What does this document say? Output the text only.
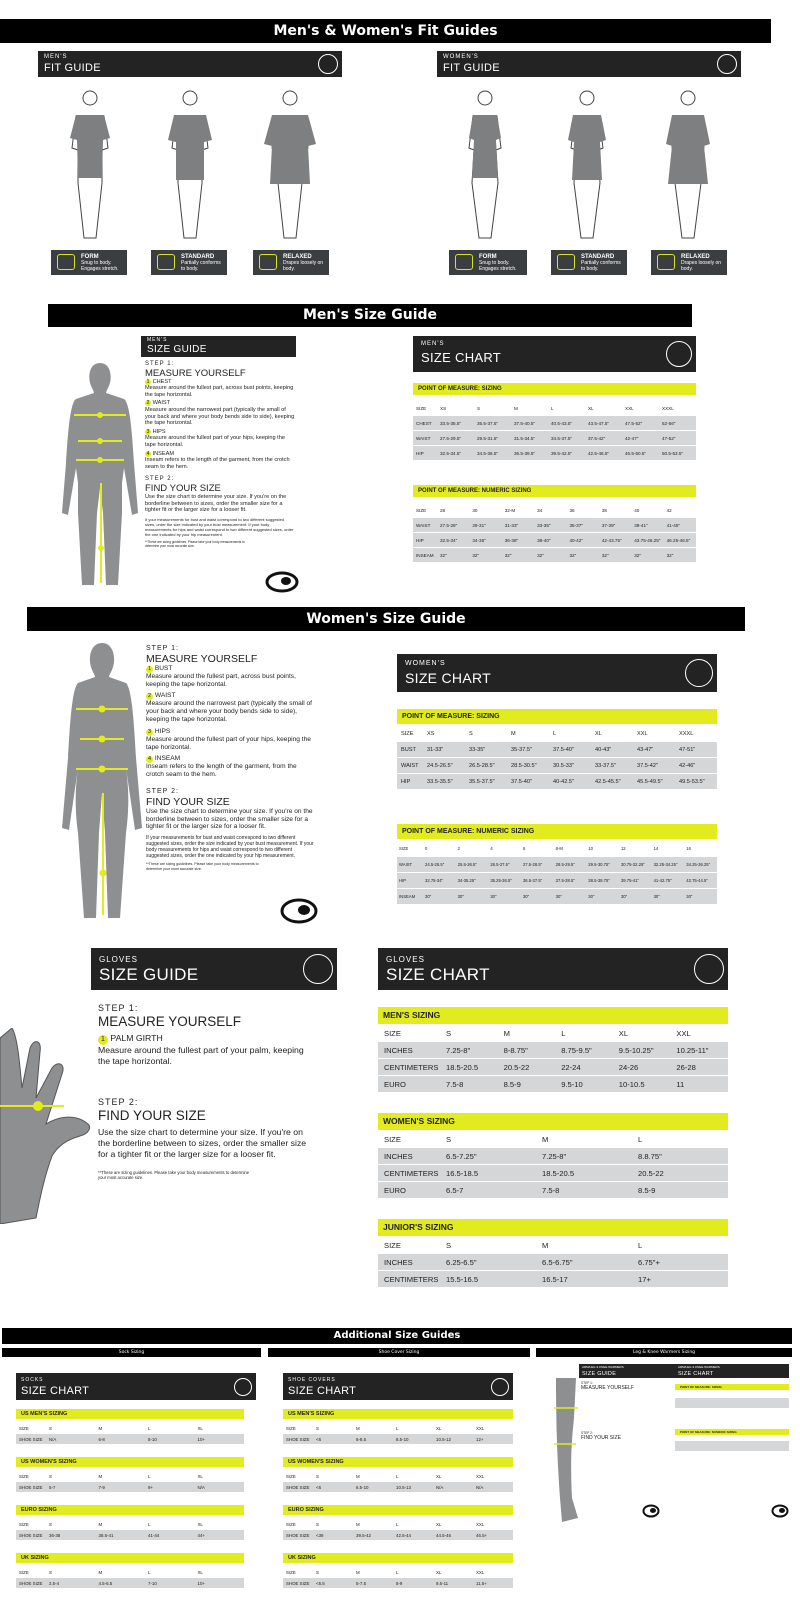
Men's & Women's Fit Guides
MEN'S
FIT GUIDE
WOMEN'S
FIT GUIDE
FORM
Snug to body. Engages stretch.
STANDARD
Partially conforms to body.
RELAXED
Drapes loosely on body.
FORM
Snug to body. Engages stretch.
STANDARD
Partially conforms to body.
RELAXED
Drapes loosely on body.
Men's Size Guide
MEN'S
SIZE GUIDE
STEP 1:
MEASURE YOURSELF
1 CHEST
Measure around the fullest part, across bust points, keeping the tape horizontal.
2 WAIST
Measure around the narrowest part (typically the small of your back and where your body bends side to side), keeping the tape horizontal.
3 HIPS
Measure around the fullest part of your hips, keeping the tape horizontal.
4 INSEAM
Inseam refers to the length of the garment, from the crotch seam to the hem.
STEP 2:
FIND YOUR SIZE
Use the size chart to determine your size. If you're on the borderline between to sizes, order the smaller size for a tighter fit or the larger size for a looser fit.
If your measurements for bust and waist correspond to two different suggested sizes, order the size indicated by your bust measurement. If your body measurements for hips and waist correspond to two different suggested sizes, order the one indicated by your hip measurement.
**These are sizing guidelines. Please take your body measurements to determine your most accurate size.
MEN'S
SIZE CHART
POINT OF MEASURE: SIZING
SIZE	XS	S	M	L	XL	XXL	XXXL
CHEST	33.5-35.5"	35.5-37.5"	37.5-40.5"	40.5-43.5"	43.5-47.5"	47.5-52"	52-56"
WAIST	27.5-29.5"	29.5-31.5"	31.5-34.5"	34.5-37.5"	37.5-42"	42-47"	47-52"
HIP	32.5-34.5"	34.5-36.5"	36.5-39.5"	39.5-42.5"	42.5-46.5"	46.5-50.5"	50.5-53.5"
POINT OF MEASURE: NUMERIC SIZING
SIZE	28	30	32-M	34	36	38	40	42
WAIST	27.5-29"	29-31"	31-33"	33-35"	35-37"	37-39"	39-41"	41-45"
HIP	32.5-34"	34-36"	36-38"	38-40"	40-42"	42-43.75"	43.75-46.25"	46.25-46.5"
INSEAM	32"	32"	32"	32"	32"	32"	32"	32"
Women's Size Guide
STEP 1:
MEASURE YOURSELF
1 BUST
Measure around the fullest part, across bust points, keeping the tape horizontal.
2 WAIST
Measure around the narrowest part (typically the small of your back and where your body bends side to side), keeping the tape horizontal.
3 HIPS
Measure around the fullest part of your hips, keeping the tape horizontal.
4 INSEAM
Inseam refers to the length of the garment, from the crotch seam to the hem.
STEP 2:
FIND YOUR SIZE
Use the size chart to determine your size. If you're on the borderline between to sizes, order the smaller size for a tighter fit or the larger size for a looser fit.
If your measurements for bust and waist correspond to two different suggested sizes, order the size indicated by your bust measurement. If your body measurements for hips and waist correspond to two different suggested sizes, order the one indicated by your hip measurement.
**These are sizing guidelines. Please take your body measurements to determine your most accurate size.
WOMEN'S
SIZE CHART
POINT OF MEASURE: SIZING
SIZE	XS	S	M	L	XL	XXL	XXXL
BUST	31-33"	33-35"	35-37.5"	37.5-40"	40-43"	43-47"	47-51"
WAIST	24.5-26.5"	26.5-28.5"	28.5-30.5"	30.5-33"	33-37.5"	37.5-42"	42-46"
HIP	33.5-35.5"	35.5-37.5"	37.5-40"	40-42.5"	42.5-45.5"	45.5-49.5"	49.5-53.5"
POINT OF MEASURE: NUMERIC SIZING
SIZE	0	2	4	6	8-M	10	12	14	16
WAIST	24.5-25.5"	25.5-26.5"	26.5-27.5"	27.5-28.5"	28.5-29.5"	29.5-30.75"	30.75-32.25"	32.25-34.25"	34.25-36.25"
HIP	32.75-34"	34-35.25"	35.25-36.5"	36.5-37.5"	37.5-38.5"	38.5-39.75"	39.75-41"	41-42.75"	42.75-44.5"
INSEAM	30"	30"	30"	30"	30"	30"	30"	30"	30"
GLOVES
SIZE GUIDE
STEP 1:
MEASURE YOURSELF
1 PALM GIRTH
Measure around the fullest part of your palm, keeping the tape horizontal.
STEP 2:
FIND YOUR SIZE
Use the size chart to determine your size. If you're on the borderline between to sizes, order the smaller size for a tighter fit or the larger size for a looser fit.
**These are sizing guidelines. Please take your body measurements to determine your most accurate size.
GLOVES
SIZE CHART
MEN'S SIZING
SIZE	S	M	L	XL	XXL
INCHES	7.25-8"	8-8.75"	8.75-9.5"	9.5-10.25"	10.25-11"
CENTIMETERS 18.5-20.5	20.5-22	22-24	24-26	26-28
EURO	7.5-8	8.5-9	9.5-10	10-10.5	11
WOMEN'S SIZING
SIZE	S	M	L
INCHES	6.5-7.25"	7.25-8"	8.8.75"
CENTIMETERS 16.5-18.5	18.5-20.5	20.5-22
EURO	6.5-7	7.5-8	8.5-9
JUNIOR'S SIZING
SIZE	S	M	L
INCHES	6.25-6.5"	6.5-6.75"	6.75"+
CENTIMETERS 15.5-16.5	16.5-17	17+
Additional Size Guides
Sock Sizing	Shoe Cover Sizing	Leg & Knee Warmers Sizing
SOCKS
SIZE CHART
US MEN'S SIZING
SIZE	S	M	L	XL
SHOE SIZE	N/A	6-8	8-10	10+
US WOMEN'S SIZING
SIZE	S	M	L	XL
SHOE SIZE	5-7	7-9	9+	N/A
EURO SIZING
SIZE	S	M	L	XL
SHOE SIZE	36-38	38.5-41	41-44	44+
UK SIZING
SIZE	S	M	L	XL
SHOE SIZE	2.5-4	4.5-6.5	7-10	10+
SHOE COVERS
SIZE CHART
US MEN'S SIZING
SIZE	S	M	L	XL	XXL
SHOE SIZE	<6	6-8.5	8.5-10	10.5-12	12+
US WOMEN'S SIZING
SIZE	S	M	L	XL	XXL
SHOE SIZE	<6	6.5-10	10.5-13	N/A	N/A
EURO SIZING
SIZE	S	M	L	XL	XXL
SHOE SIZE	<39	39.5-42	42.5-44	44.5-46	46.5+
UK SIZING
SIZE	S	M	L	XL	XXL
SHOE SIZE	<5.5	5-7.5	8-9	9.5-11	11.5+
ARM/LEG & KNEE WARMERS
SIZE GUIDE
ARM/LEG & KNEE WARMERS
SIZE CHART
STEP 1:
MEASURE YOURSELF
STEP 2:
FIND YOUR SIZE
POINT OF MEASURE: SIZING
POINT OF MEASURE: NUMERIC SIZING
